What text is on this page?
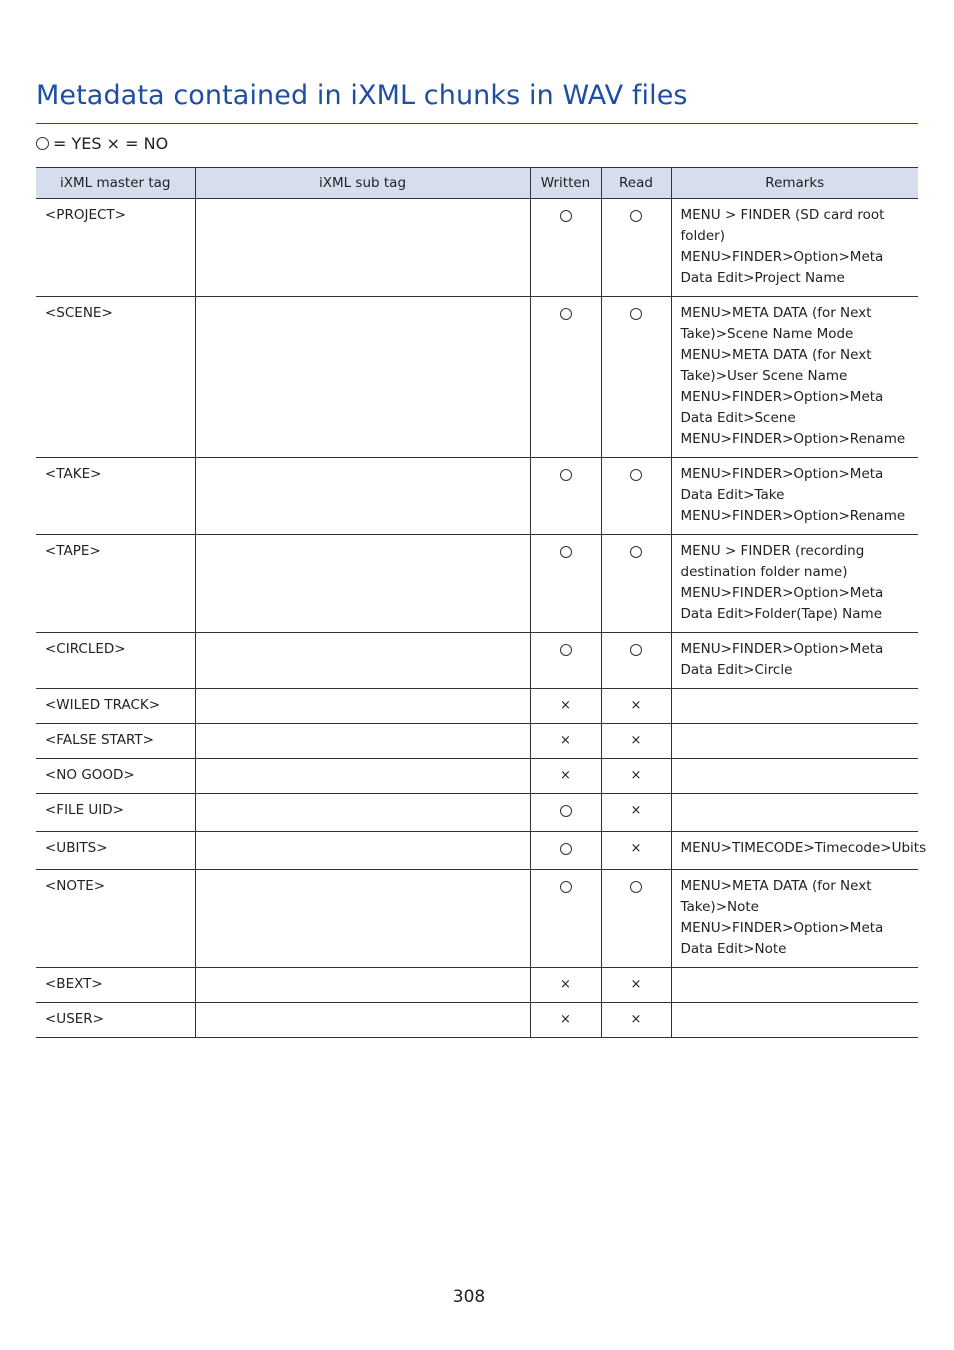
Metadata contained in iXML chunks in WAV files
= YES × = NO
iXML master tag	iXML sub tag	Written	Read	Remarks
<PROJECT>				MENU > FINDER (SD card root folder)
MENU>FINDER>Option>Meta Data Edit>Project Name

<SCENE>				MENU>META DATA (for Next Take)>Scene Name Mode
MENU>META DATA (for Next Take)>User Scene Name
MENU>FINDER>Option>Meta Data Edit>Scene
MENU>FINDER>Option>Rename

<TAKE>				MENU>FINDER>Option>Meta Data Edit>Take
MENU>FINDER>Option>Rename

<TAPE>				MENU > FINDER (recording destination folder name)
MENU>FINDER>Option>Meta Data Edit>Folder(Tape) Name

<CIRCLED>				MENU>FINDER>Option>Meta Data Edit>Circle

<WILED TRACK>		×	×	
<FALSE START>		×	×	
<NO GOOD>		×	×	
<FILE UID>			×	
<UBITS>			×	MENU>TIMECODE>Timecode>Ubits

<NOTE>				MENU>META DATA (for Next Take)>Note
MENU>FINDER>Option>Meta Data Edit>Note

<BEXT>		×	×	
<USER>		×	×	
308
